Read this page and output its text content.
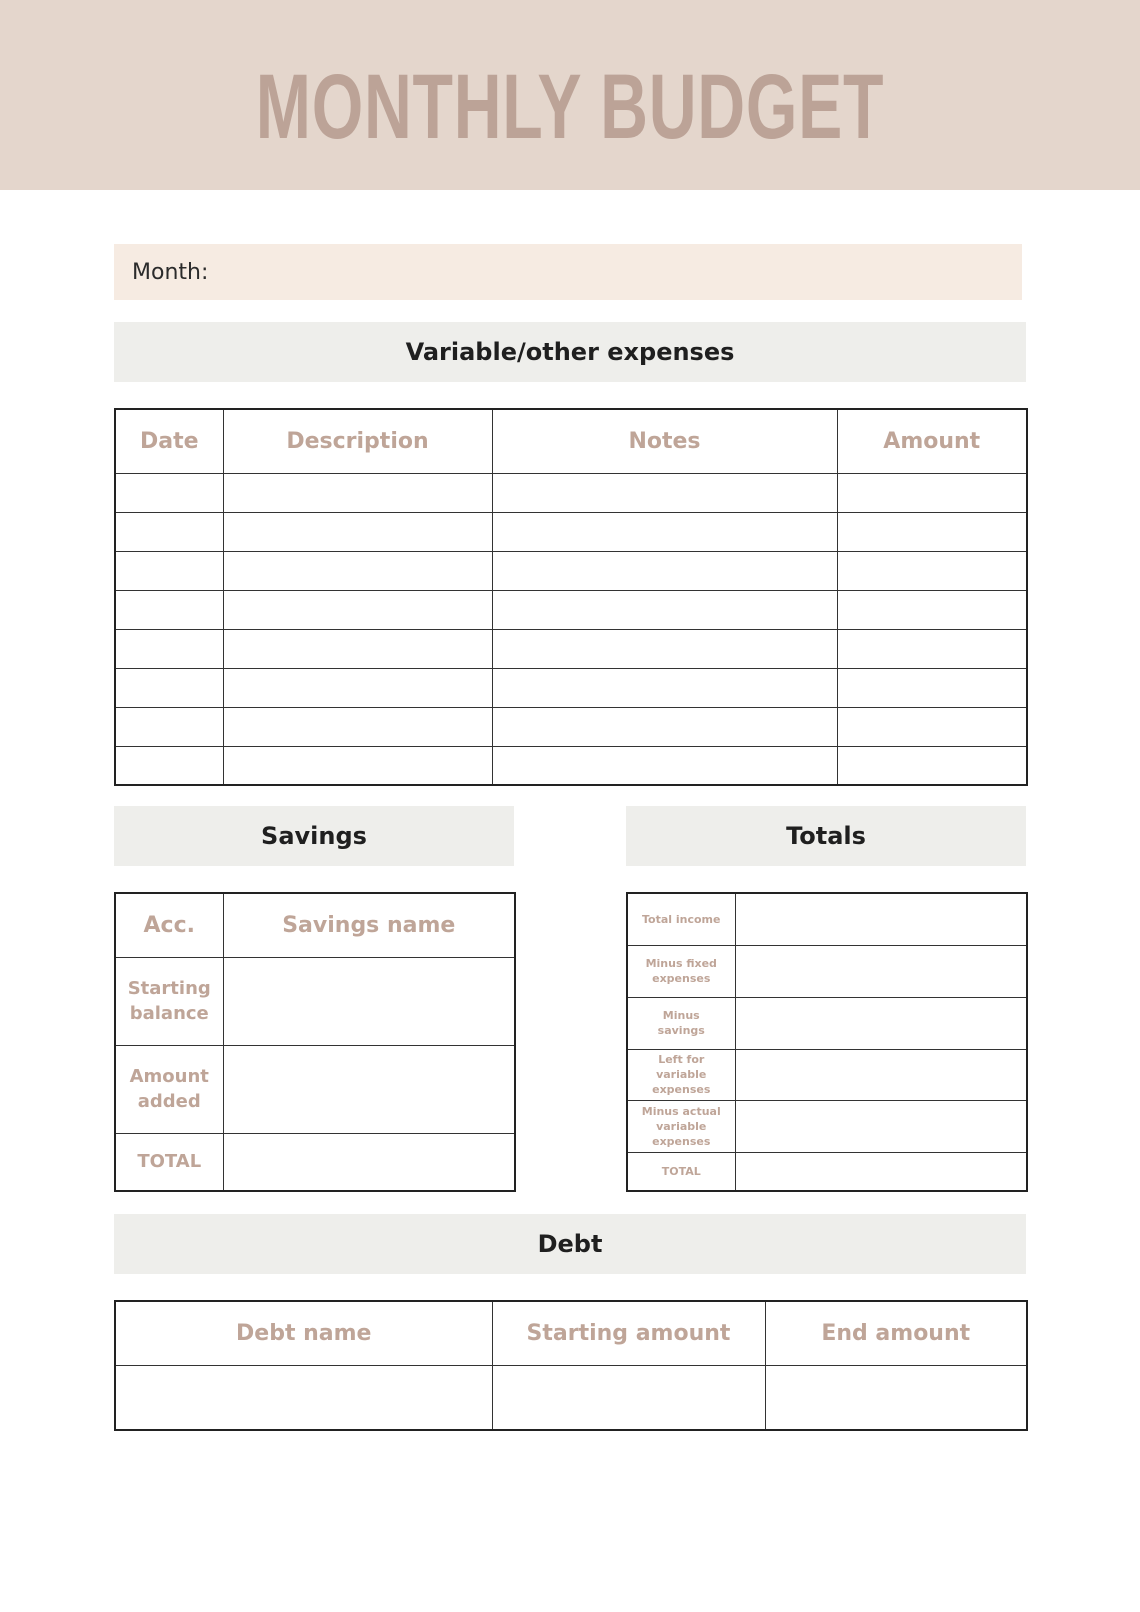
MONTHLY BUDGET
Month:
Variable/other expenses
Date	Description	Notes	Amount

Savings
Acc.	Savings name
Starting balance	
Amount added	
TOTAL	
Totals
Total income	
Minus fixed expenses	
Minus savings	
Left for variable expenses	
Minus actual variable expenses	
TOTAL	
Debt
Debt name	Starting amount	End amount
